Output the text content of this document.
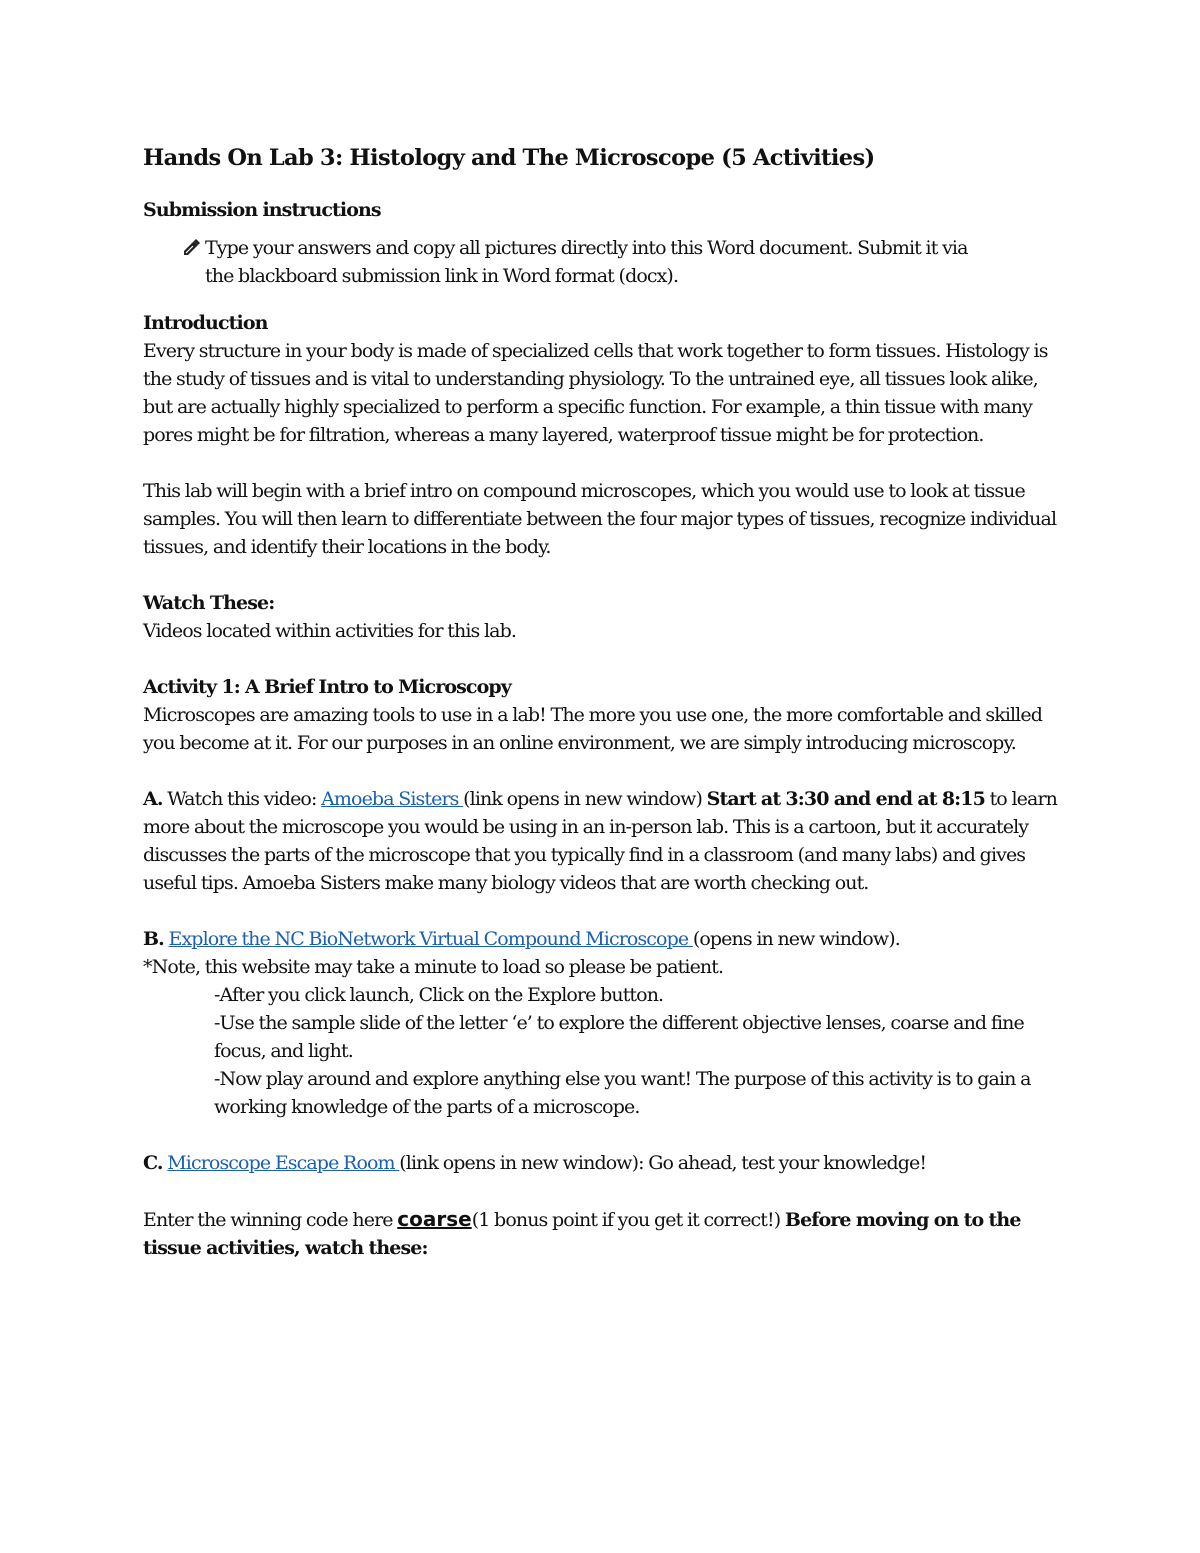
Hands On Lab 3: Histology and The Microscope (5 Activities)

Submission instructions

Type your answers and copy all pictures directly into this Word document. Submit it via
the blackboard submission link in Word format (docx).

Introduction

Every structure in your body is made of specialized cells that work together to form tissues. Histology is the study of tissues and is vital to understanding physiology. To the untrained eye, all tissues look alike, but are actually highly specialized to perform a specific function. For example, a thin tissue with many pores might be for filtration, whereas a many layered, waterproof tissue might be for protection.

This lab will begin with a brief intro on compound microscopes, which you would use to look at tissue samples. You will then learn to differentiate between the four major types of tissues, recognize individual tissues, and identify their locations in the body.

Watch These:

Videos located within activities for this lab.

Activity 1: A Brief Intro to Microscopy

Microscopes are amazing tools to use in a lab! The more you use one, the more comfortable and skilled you become at it. For our purposes in an online environment, we are simply introducing microscopy.

A. Watch this video: Amoeba Sisters (link opens in new window) Start at 3:30 and end at 8:15 to learn more about the microscope you would be using in an in-person lab. This is a cartoon, but it accurately discusses the parts of the microscope that you typically find in a classroom (and many labs) and gives useful tips. Amoeba Sisters make many biology videos that are worth checking out.

B. Explore the NC BioNetwork Virtual Compound Microscope (opens in new window).

*Note, this website may take a minute to load so please be patient.

-After you click launch, Click on the Explore button.

-Use the sample slide of the letter ‘e’ to explore the different objective lenses, coarse and fine focus, and light.

-Now play around and explore anything else you want! The purpose of this activity is to gain a working knowledge of the parts of a microscope.

C. Microscope Escape Room (link opens in new window): Go ahead, test your knowledge!

Enter the winning code here coarse(1 bonus point if you get it correct!) Before moving on to the tissue activities, watch these:
